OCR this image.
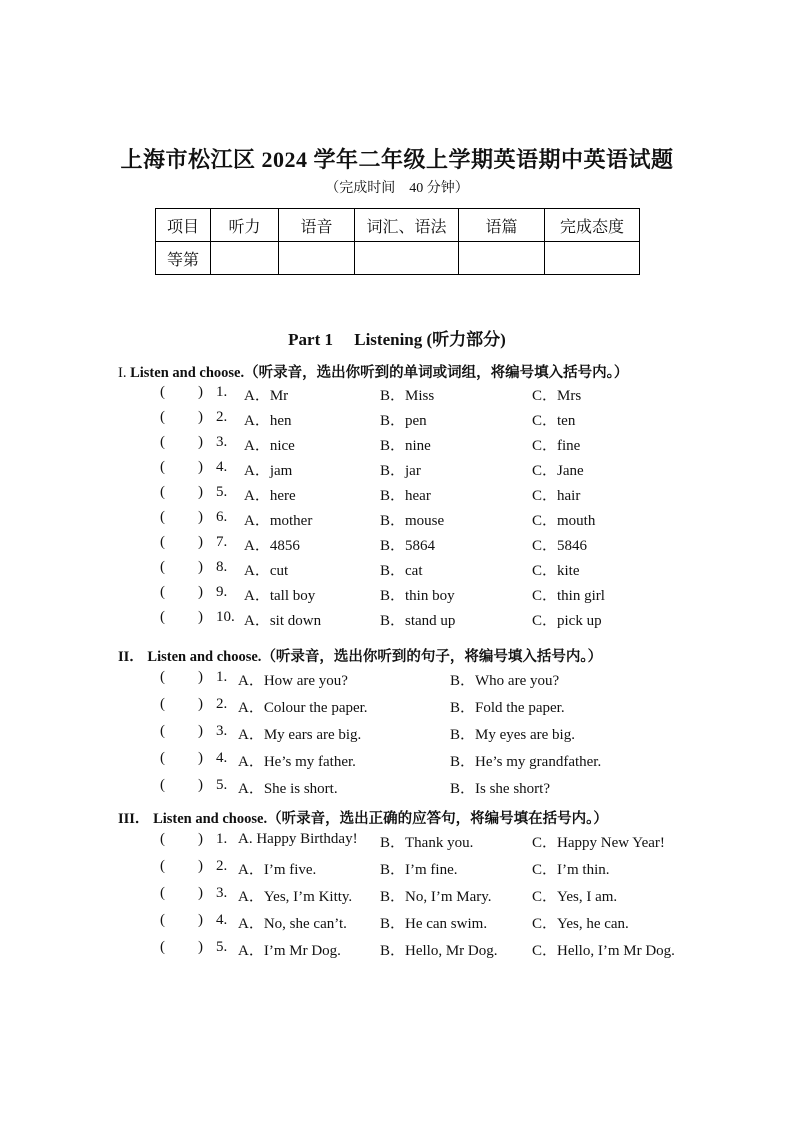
上海市松江区 2024 学年二年级上学期英语期中英语试题
（完成时间　40 分钟）
项目	听力	语音	词汇、语法	语篇	完成态度
等第					
Part 1　 Listening (听力部分)
I. Listen and choose.（听录音，选出你听到的单词或词组，将编号填入括号内。）
( ) 1. A．Mr	B．Miss	C．Mrs
( ) 2. A．hen	B．pen	C．ten
( ) 3. A．nice	B．nine	C．fine
( ) 4. A．jam	B．jar	C．Jane
( ) 5. A．here	B．hear	C．hair
( ) 6. A．mother	B．mouse	C．mouth
( ) 7. A．4856	B．5864	C．5846
( ) 8. A．cut	B．cat	C．kite
( ) 9. A．tall boy	B．thin boy	C．thin girl
( ) 10. A．sit down	B．stand up	C．pick up
II． Listen and choose.（听录音，选出你听到的句子，将编号填入括号内。）
( ) 1. A．How are you?	B．Who are you?
( ) 2. A．Colour the paper.	B．Fold the paper.
( ) 3. A．My ears are big.	B．My eyes are big.
( ) 4. A．He’s my father.	B．He’s my grandfather.
( ) 5. A．She is short.	B．Is she short?
III． Listen and choose.（听录音，选出正确的应答句，将编号填在括号内。）
( ) 1. A. Happy Birthday! B．Thank you.	C．Happy New Year!
( ) 2. A．I’m five.	B．I’m fine.	C．I’m thin.
( ) 3. A．Yes, I’m Kitty. B．No, I’m Mary.	C．Yes, I am.
( ) 4. A．No, she can’t. B．He can swim.	C．Yes, he can.
( ) 5. A．I’m Mr Dog.	B．Hello, Mr Dog. C．Hello, I’m Mr Dog.
